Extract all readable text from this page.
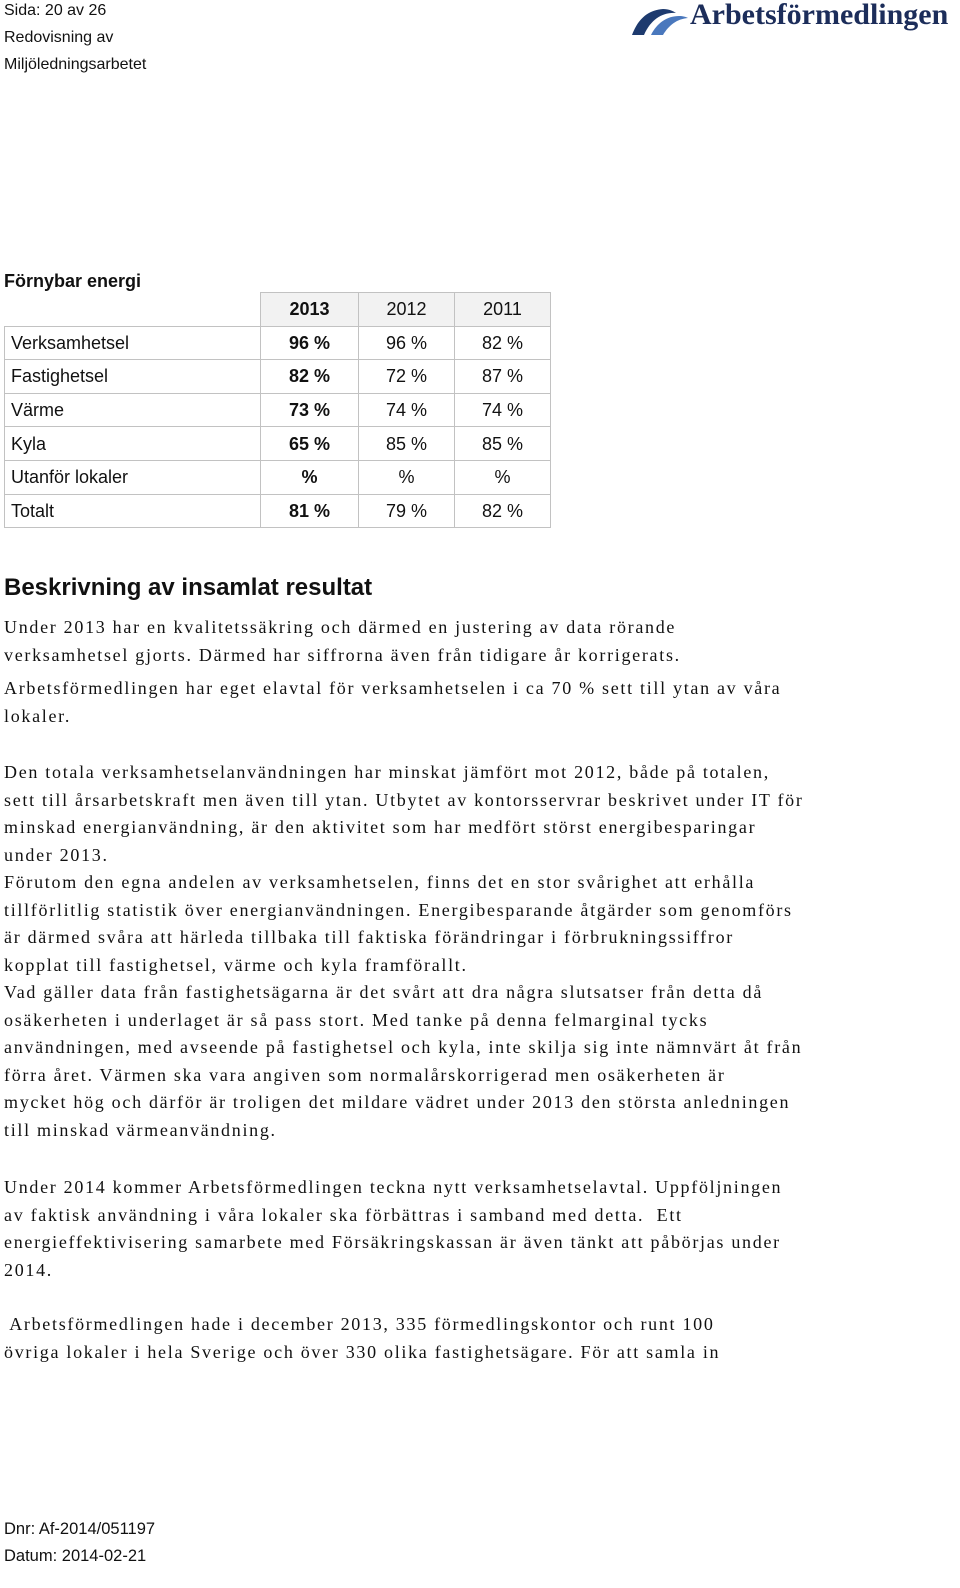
Sida: 20 av 26
Redovisning av
Miljöledningsarbetet
Arbetsförmedlingen
Förnybar energi
	2013	2012	2011
Verksamhetsel	96 %	96 %	82 %
Fastighetsel	82 %	72 %	87 %
Värme	73 %	74 %	74 %
Kyla	65 %	85 %	85 %
Utanför lokaler	%	%	%
Totalt	81 %	79 %	82 %
Beskrivning av insamlat resultat
Under 2013 har en kvalitetssäkring och därmed en justering av data rörande
verksamhetsel gjorts. Därmed har siffrorna även från tidigare år korrigerats.
Arbetsförmedlingen har eget elavtal för verksamhetselen i ca 70 % sett till ytan av våra
lokaler.
Den totala verksamhetselanvändningen har minskat jämfört mot 2012, både på totalen,
sett till årsarbetskraft men även till ytan. Utbytet av kontorsservrar beskrivet under IT för
minskad energianvändning, är den aktivitet som har medfört störst energibesparingar
under 2013.
Förutom den egna andelen av verksamhetselen, finns det en stor svårighet att erhålla
tillförlitlig statistik över energianvändningen. Energibesparande åtgärder som genomförs
är därmed svåra att härleda tillbaka till faktiska förändringar i förbrukningssiffror
kopplat till fastighetsel, värme och kyla framförallt.
Vad gäller data från fastighetsägarna är det svårt att dra några slutsatser från detta då
osäkerheten i underlaget är så pass stort. Med tanke på denna felmarginal tycks
användningen, med avseende på fastighetsel och kyla, inte skilja sig inte nämnvärt åt från
förra året. Värmen ska vara angiven som normalårskorrigerad men osäkerheten är
mycket hög och därför är troligen det mildare vädret under 2013 den största anledningen
till minskad värmeanvändning.
Under 2014 kommer Arbetsförmedlingen teckna nytt verksamhetselavtal. Uppföljningen
av faktisk användning i våra lokaler ska förbättras i samband med detta.  Ett
energieffektivisering samarbete med Försäkringskassan är även tänkt att påbörjas under
2014.
Arbetsförmedlingen hade i december 2013, 335 förmedlingskontor och runt 100
övriga lokaler i hela Sverige och över 330 olika fastighetsägare. För att samla in
Dnr: Af-2014/051197
Datum: 2014-02-21
